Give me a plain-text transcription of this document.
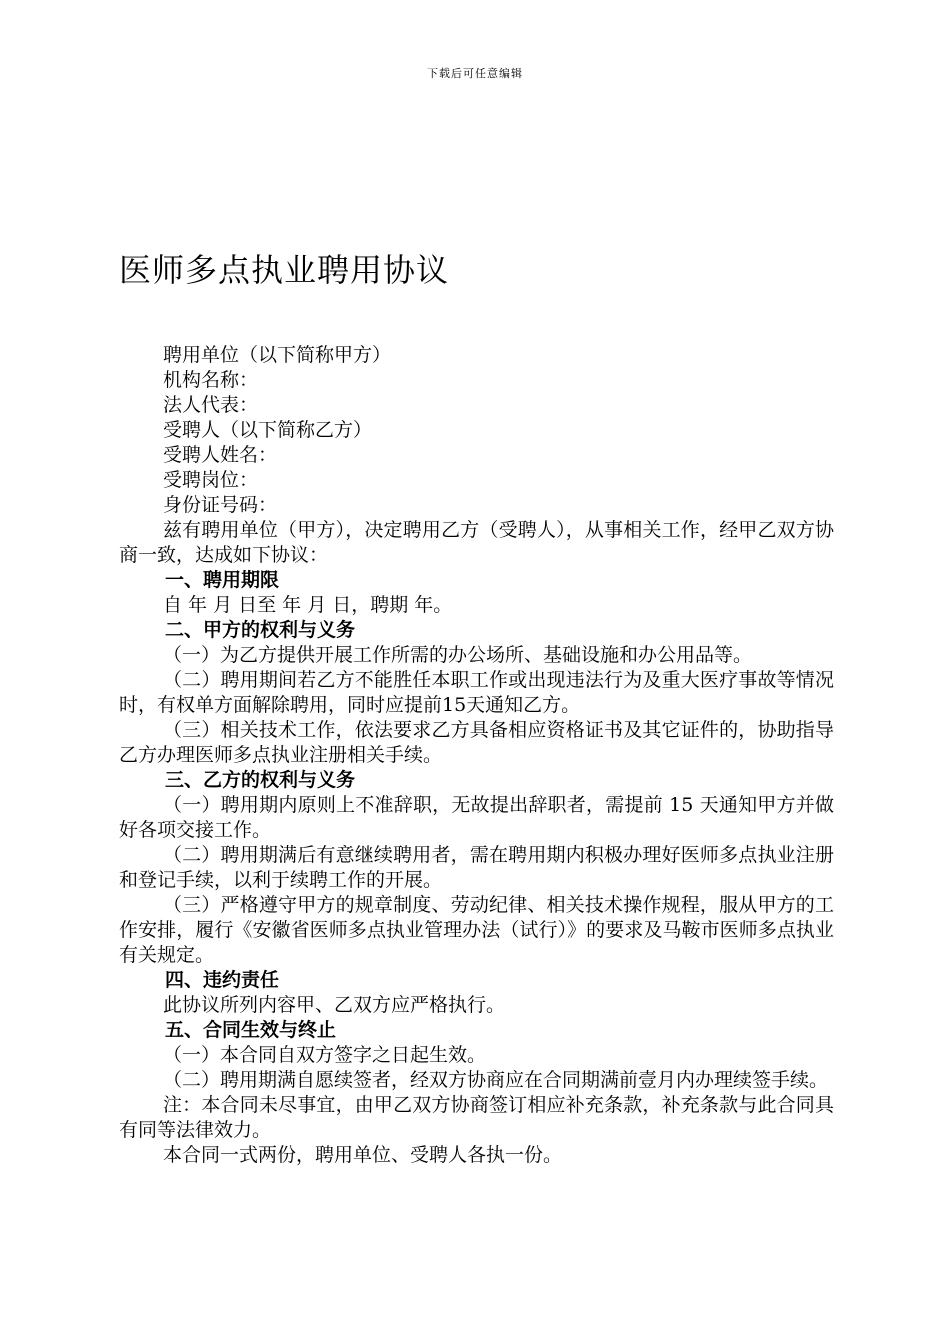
下载后可任意编辑
医师多点执业聘用协议

聘用单位（以下简称甲方）

机构名称：

法人代表：

受聘人（以下简称乙方）

受聘人姓名：

受聘岗位：

身份证号码：

兹有聘用单位（甲方），决定聘用乙方（受聘人），从事相关工作，经甲乙双方协商一致，达成如下协议：

一、聘用期限

自 年 月 日至 年 月 日，聘期 年。

二、甲方的权利与义务

（一）为乙方提供开展工作所需的办公场所、基础设施和办公用品等。

（二）聘用期间若乙方不能胜任本职工作或出现违法行为及重大医疗事故等情况时，有权单方面解除聘用，同时应提前15天通知乙方。

（三）相关技术工作，依法要求乙方具备相应资格证书及其它证件的，协助指导乙方办理医师多点执业注册相关手续。

三、乙方的权利与义务

（一）聘用期内原则上不准辞职，无故提出辞职者，需提前 15 天通知甲方并做好各项交接工作。

（二）聘用期满后有意继续聘用者，需在聘用期内积极办理好医师多点执业注册和登记手续，以利于续聘工作的开展。

（三）严格遵守甲方的规章制度、劳动纪律、相关技术操作规程，服从甲方的工作安排，履行《安徽省医师多点执业管理办法（试行）》的要求及马鞍市医师多点执业有关规定。

四、违约责任

此协议所列内容甲、乙双方应严格执行。

五、合同生效与终止

（一）本合同自双方签字之日起生效。

（二）聘用期满自愿续签者，经双方协商应在合同期满前壹月内办理续签手续。

注：本合同未尽事宜，由甲乙双方协商签订相应补充条款，补充条款与此合同具有同等法律效力。

本合同一式两份，聘用单位、受聘人各执一份。
